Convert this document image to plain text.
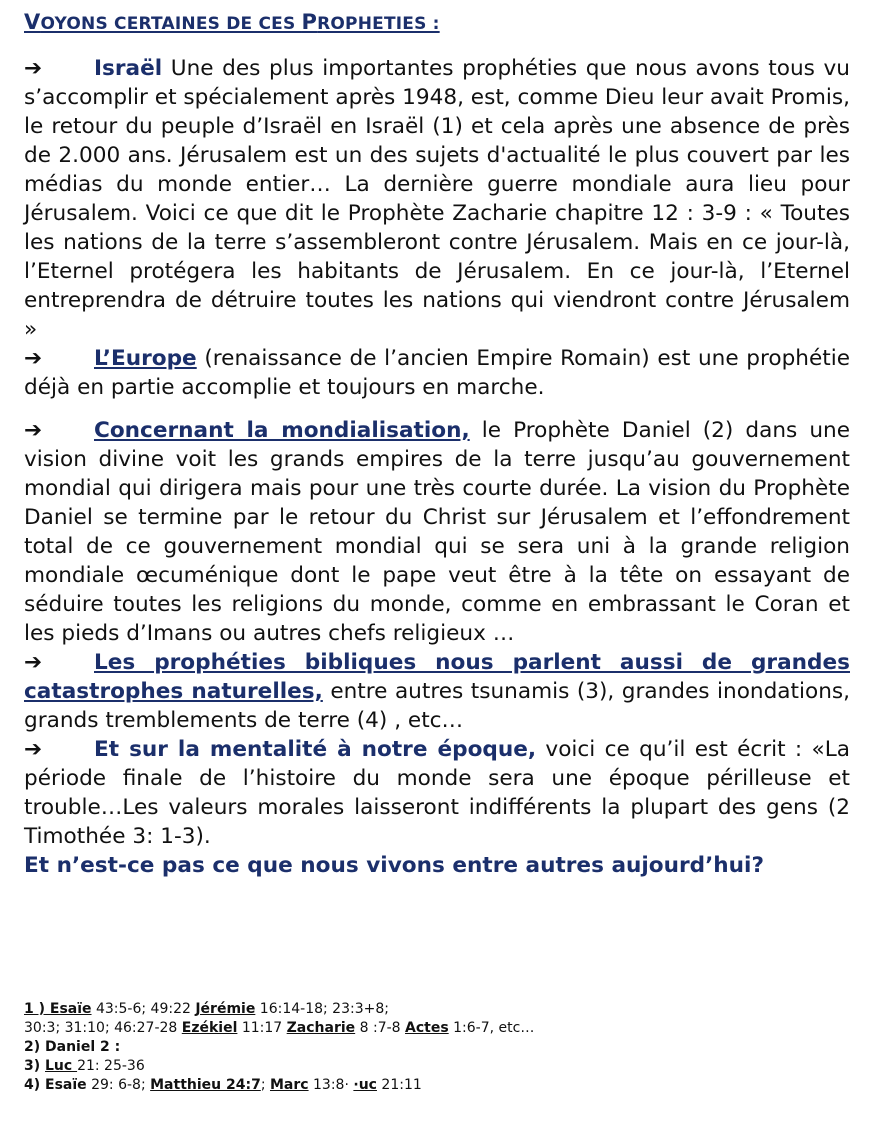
VOYONS CERTAINES DE CES PROPHETIES :

➔ Israël Une des plus importantes prophéties que nous avons tous vu s’accomplir et spécialement après 1948, est, comme Dieu leur avait Promis, le retour du peuple d’Israël en Israël (1) et cela après une absence de près de 2.000 ans. Jérusalem est un des sujets d'actualité le plus couvert par les médias du monde entier… La dernière guerre mondiale aura lieu pour Jérusalem. Voici ce que dit le Prophète Zacharie chapitre 12 : 3-9 : « Toutes les nations de la terre s’assembleront contre Jérusalem. Mais en ce jour-là, l’Eternel protégera les habitants de Jérusalem. En ce jour-là, l’Eternel entreprendra de détruire toutes les nations qui viendront contre Jérusalem »

➔ L’Europe (renaissance de l’ancien Empire Romain) est une prophétie déjà en partie accomplie et toujours en marche.

➔ Concernant la mondialisation, le Prophète Daniel (2) dans une vision divine voit les grands empires de la terre jusqu’au gouvernement mondial qui dirigera mais pour une très courte durée. La vision du Prophète Daniel se termine par le retour du Christ sur Jérusalem et l’effondrement total de ce gouvernement mondial qui se sera uni à la grande religion mondiale œcuménique dont le pape veut être à la tête on essayant de séduire toutes les religions du monde, comme en embrassant le Coran et les pieds d’Imans ou autres chefs religieux …

➔ Les prophéties bibliques nous parlent aussi de grandes catastrophes naturelles, entre autres tsunamis (3), grandes inondations, grands tremblements de terre (4) , etc…

➔ Et sur la mentalité à notre époque, voici ce qu’il est écrit : «La période finale de l’histoire du monde sera une époque périlleuse et trouble…Les valeurs morales laisseront indifférents la plupart des gens (2 Timothée 3: 1-3).

Et n’est-ce pas ce que nous vivons entre autres aujourd’hui?

1 ) Esaïe 43:5-6; 49:22 Jérémie 16:14-18; 23:3+8;

30:3; 31:10; 46:27-28 Ezékiel 11:17 Zacharie 8 :7-8 Actes 1:6-7, etc…

2) Daniel 2 :

3) Luc 21: 25-36

4) Esaïe 29: 6-8; Matthieu 24:7; Marc 13:8· ·uc 21:11
